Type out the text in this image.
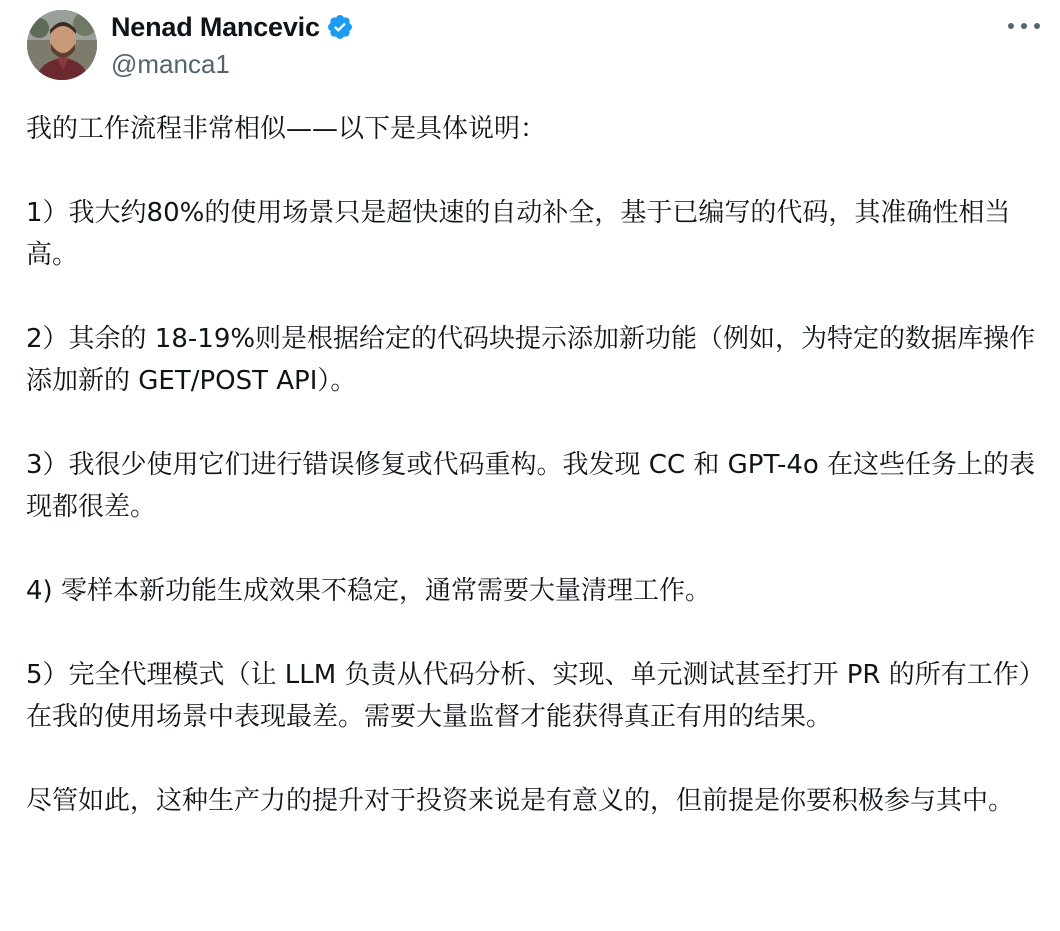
Nenad Mancevic
@manca1

我的工作流程非常相似——以下是具体说明：

1）我大约80%的使用场景只是超快速的自动补全，基于已编写的代码，其准确性相当高。

2）其余的 18-19%则是根据给定的代码块提示添加新功能（例如，为特定的数据库操作添加新的 GET/POST API）。

3）我很少使用它们进行错误修复或代码重构。我发现 CC 和 GPT-4o 在这些任务上的表现都很差。

4) 零样本新功能生成效果不稳定，通常需要大量清理工作。

5）完全代理模式（让 LLM 负责从代码分析、实现、单元测试甚至打开 PR 的所有工作）在我的使用场景中表现最差。需要大量监督才能获得真正有用的结果。

尽管如此，这种生产力的提升对于投资来说是有意义的，但前提是你要积极参与其中。
